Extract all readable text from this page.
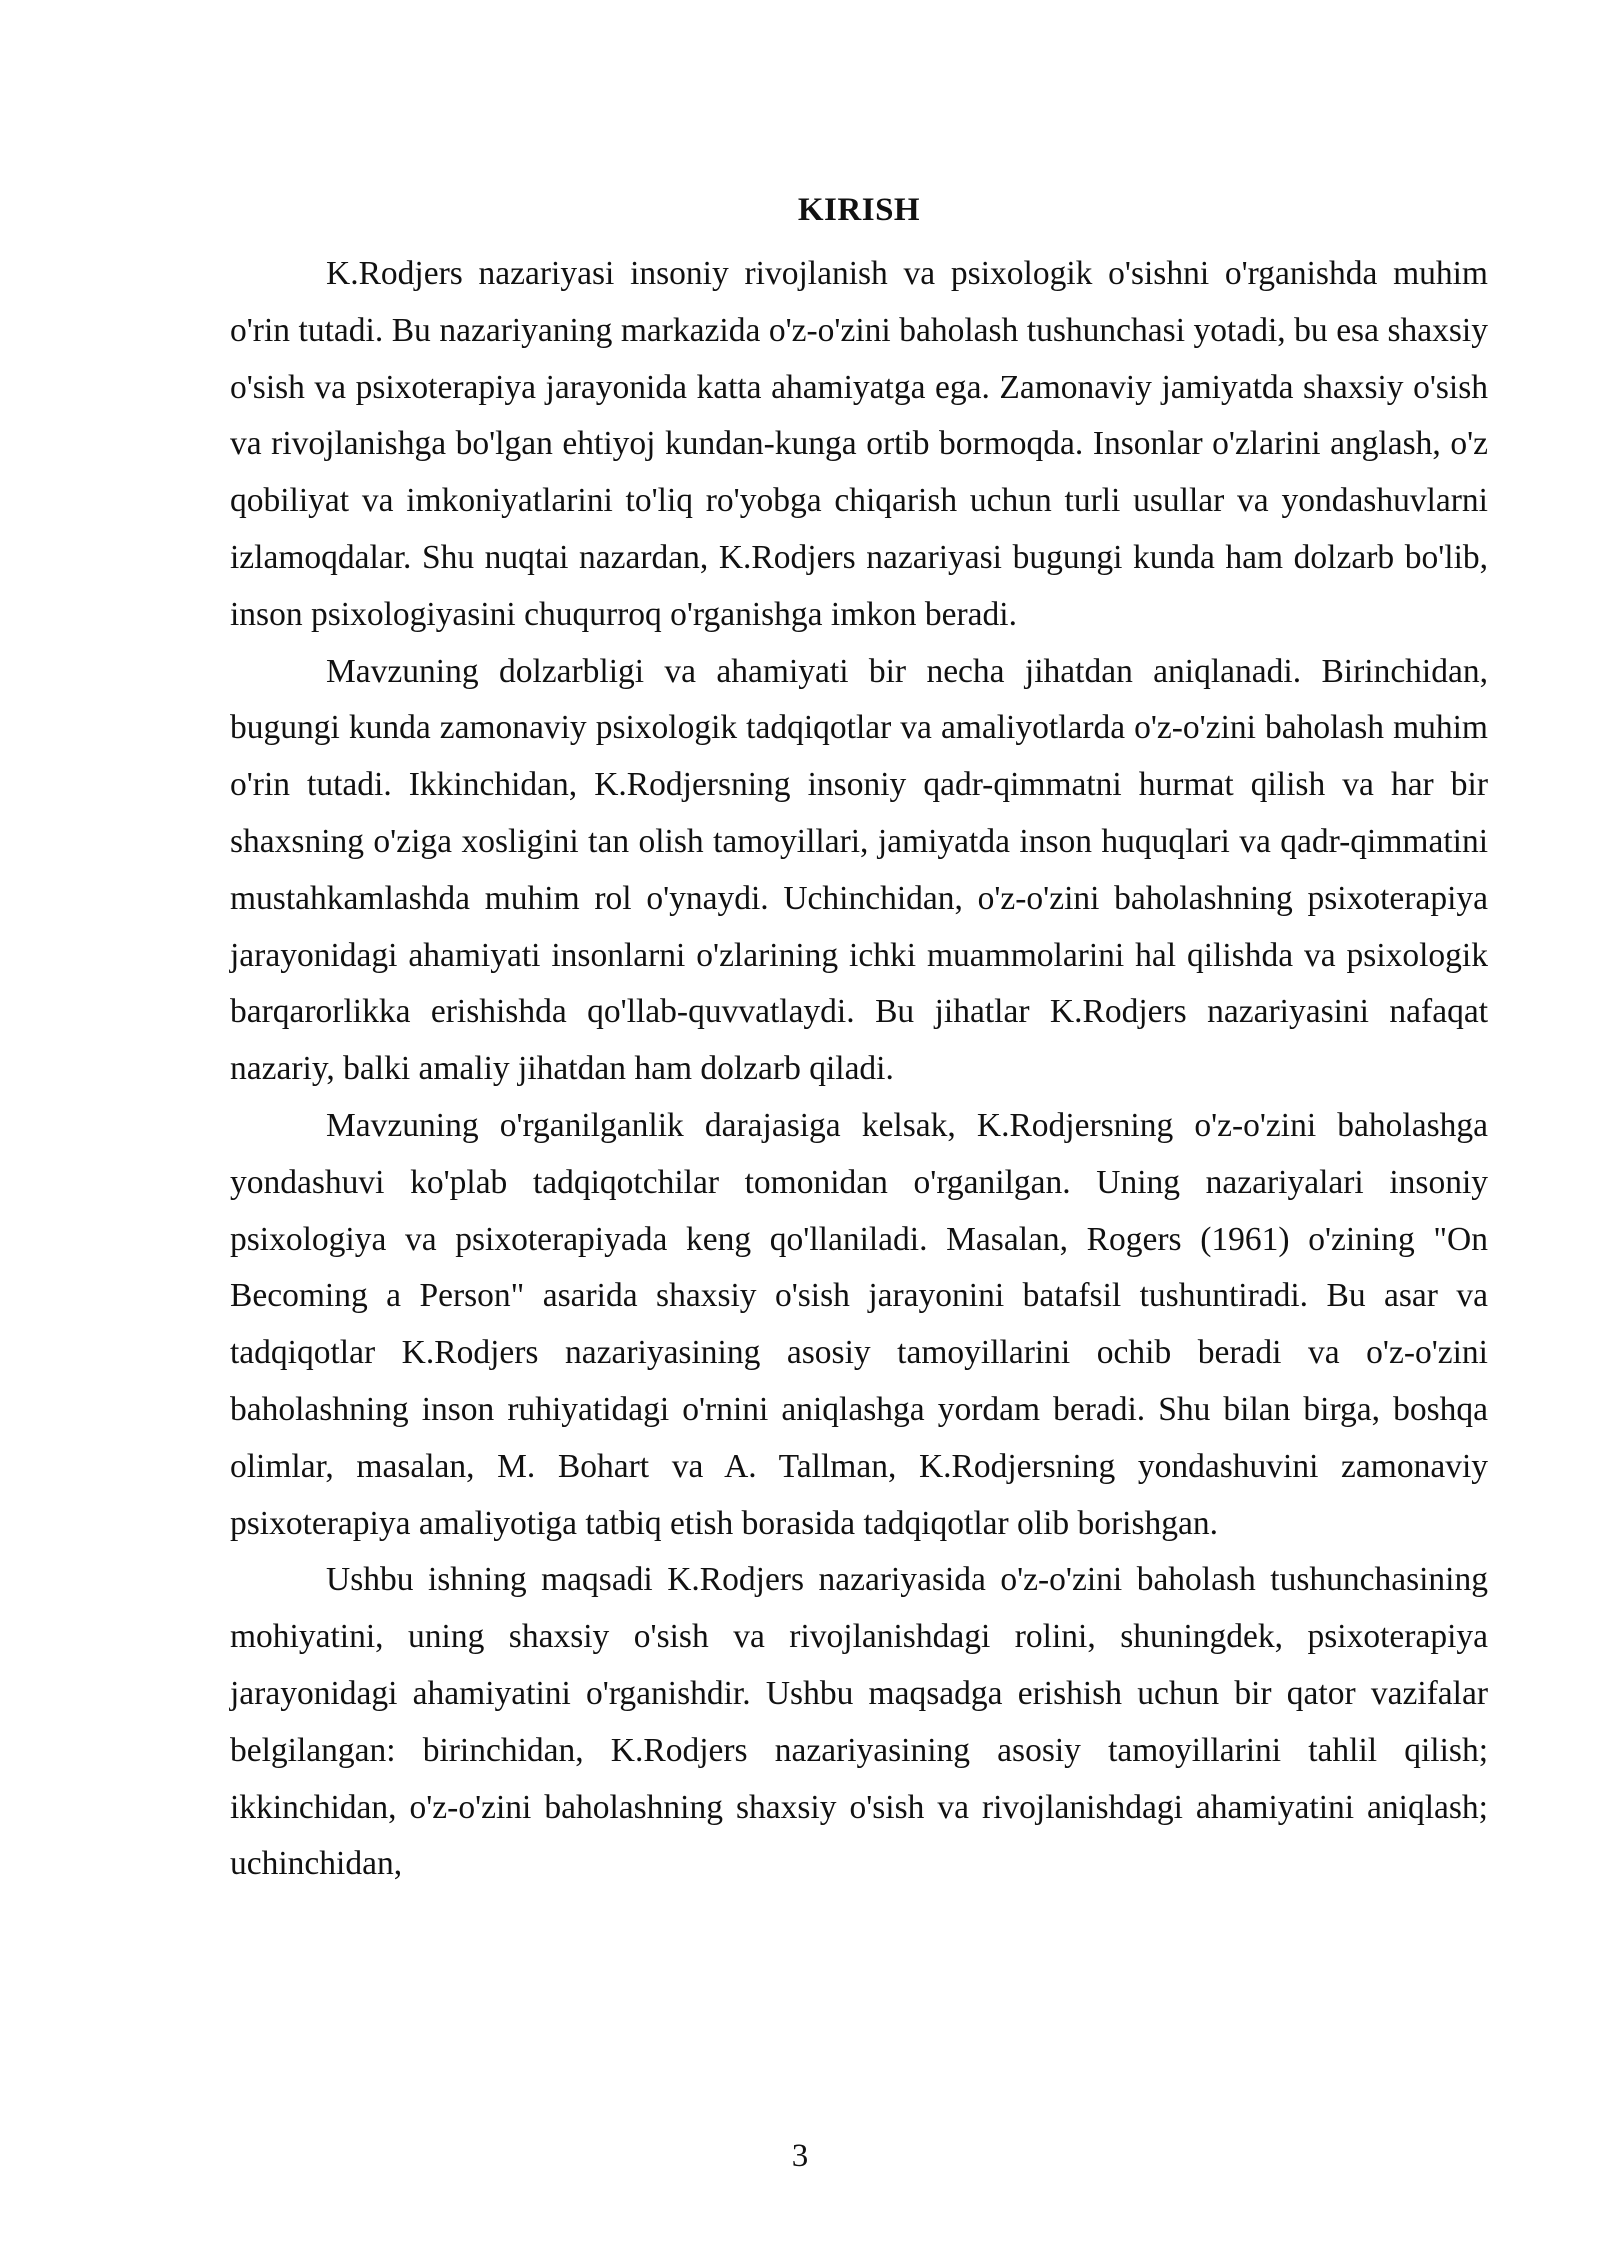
KIRISH

K.Rodjers nazariyasi insoniy rivojlanish va psixologik o'sishni o'rganishda muhim o'rin tutadi. Bu nazariyaning markazida o'z-o'zini baholash tushunchasi yotadi, bu esa shaxsiy o'sish va psixoterapiya jarayonida katta ahamiyatga ega. Zamonaviy jamiyatda shaxsiy o'sish va rivojlanishga bo'lgan ehtiyoj kundan-kunga ortib bormoqda. Insonlar o'zlarini anglash, o'z qobiliyat va imkoniyatlarini to'liq ro'yobga chiqarish uchun turli usullar va yondashuvlarni izlamoqdalar. Shu nuqtai nazardan, K.Rodjers nazariyasi bugungi kunda ham dolzarb bo'lib, inson psixologiyasini chuqurroq o'rganishga imkon beradi.

Mavzuning dolzarbligi va ahamiyati bir necha jihatdan aniqlanadi. Birinchidan, bugungi kunda zamonaviy psixologik tadqiqotlar va amaliyotlarda o'z-o'zini baholash muhim o'rin tutadi. Ikkinchidan, K.Rodjersning insoniy qadr-qimmatni hurmat qilish va har bir shaxsning o'ziga xosligini tan olish tamoyillari, jamiyatda inson huquqlari va qadr-qimmatini mustahkamlashda muhim rol o'ynaydi. Uchinchidan, o'z-o'zini baholashning psixoterapiya jarayonidagi ahamiyati insonlarni o'zlarining ichki muammolarini hal qilishda va psixologik barqarorlikka erishishda qo'llab-quvvatlaydi. Bu jihatlar K.Rodjers nazariyasini nafaqat nazariy, balki amaliy jihatdan ham dolzarb qiladi.

Mavzuning o'rganilganlik darajasiga kelsak, K.Rodjersning o'z-o'zini baholashga yondashuvi ko'plab tadqiqotchilar tomonidan o'rganilgan. Uning nazariyalari insoniy psixologiya va psixoterapiyada keng qo'llaniladi. Masalan, Rogers (1961) o'zining "On Becoming a Person" asarida shaxsiy o'sish jarayonini batafsil tushuntiradi. Bu asar va tadqiqotlar K.Rodjers nazariyasining asosiy tamoyillarini ochib beradi va o'z-o'zini baholashning inson ruhiyatidagi o'rnini aniqlashga yordam beradi. Shu bilan birga, boshqa olimlar, masalan, M. Bohart va A. Tallman, K.Rodjersning yondashuvini zamonaviy psixoterapiya amaliyotiga tatbiq etish borasida tadqiqotlar olib borishgan.

Ushbu ishning maqsadi K.Rodjers nazariyasida o'z-o'zini baholash tushunchasining mohiyatini, uning shaxsiy o'sish va rivojlanishdagi rolini, shuningdek, psixoterapiya jarayonidagi ahamiyatini o'rganishdir. Ushbu maqsadga erishish uchun bir qator vazifalar belgilangan: birinchidan, K.Rodjers nazariyasining asosiy tamoyillarini tahlil qilish; ikkinchidan, o'z-o'zini baholashning shaxsiy o'sish va rivojlanishdagi ahamiyatini aniqlash; uchinchidan,

3
